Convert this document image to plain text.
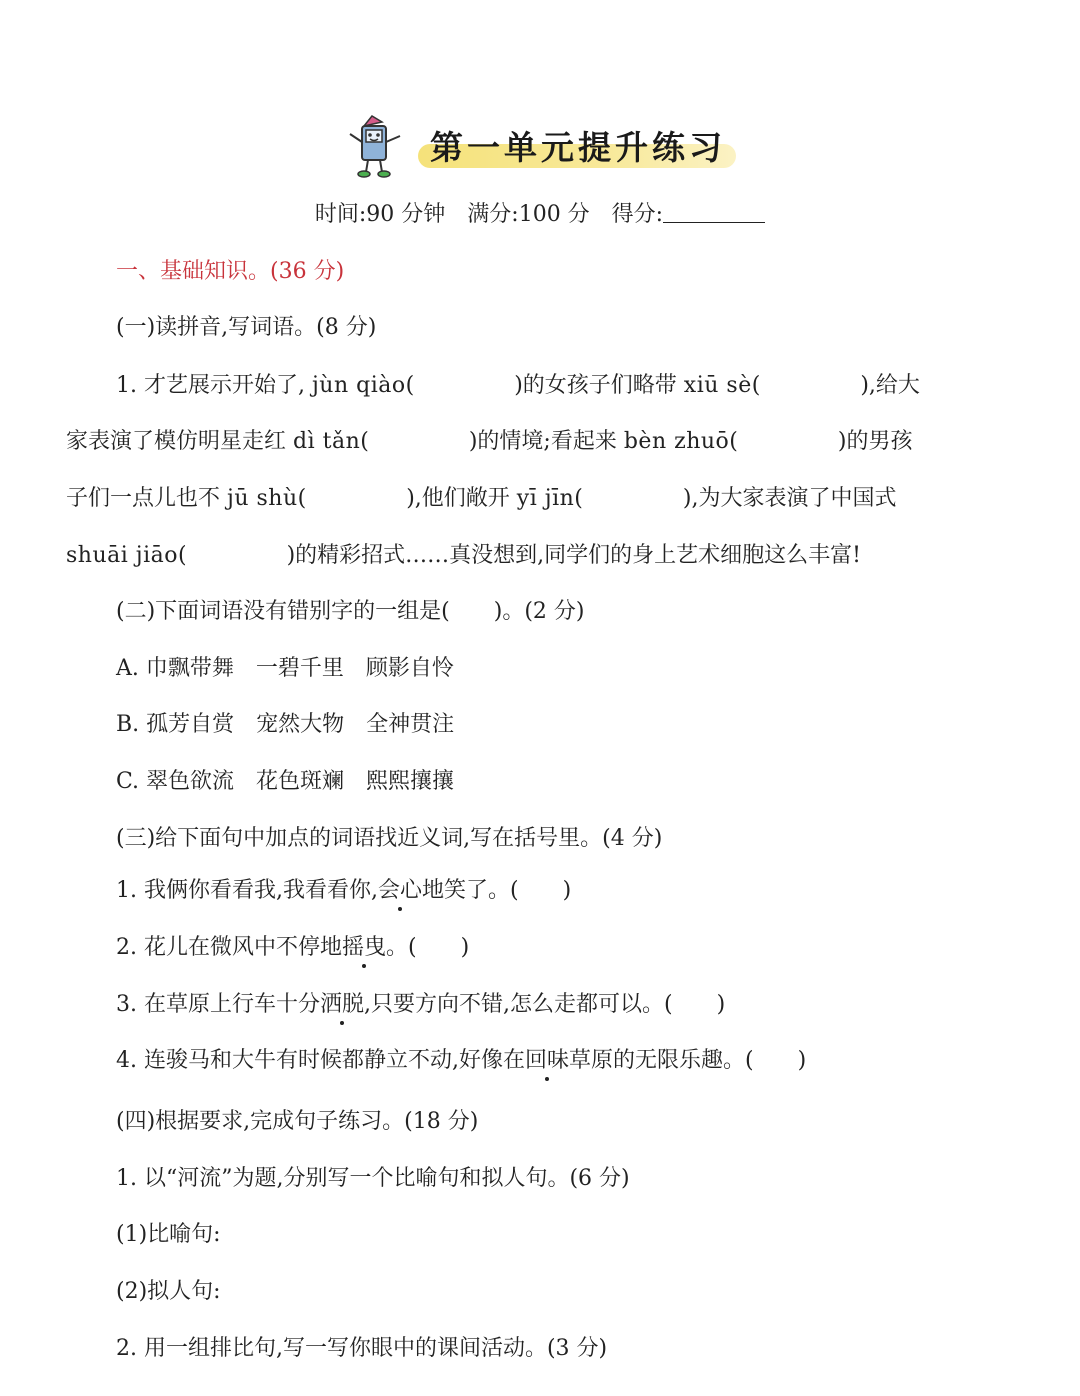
第一单元提升练习
时间:90 分钟　满分:100 分　得分:
一、基础知识。(36 分)
(一)读拼音,写词语。(8 分)
1. 才艺展示开始了, jùn qiào(	)的女孩子们略带 xiū sè(	),给大
家表演了模仿明星走红 dì tǎn(	)的情境;看起来 bèn zhuō(	)的男孩
子们一点儿也不 jū shù(	),他们敞开 yī jīn(	),为大家表演了中国式
shuāi jiāo(	)的精彩招式……真没想到,同学们的身上艺术细胞这么丰富!
(二)下面词语没有错别字的一组是(　　)。(2 分)
A. 巾飘带舞　一碧千里　顾影自怜
B. 孤芳自赏　宠然大物　全神贯注
C. 翠色欲流　花色斑斓　熙熙攘攘
(三)给下面句中加点的词语找近义词,写在括号里。(4 分)
1. 我俩你看看我,我看看你,会心地笑了。(　　)
2. 花儿在微风中不停地摇曳。(　　)
3. 在草原上行车十分洒脱,只要方向不错,怎么走都可以。(　　)
4. 连骏马和大牛有时候都静立不动,好像在回味草原的无限乐趣。(　　)
(四)根据要求,完成句子练习。(18 分)
1. 以“河流”为题,分别写一个比喻句和拟人句。(6 分)
(1)比喻句:
(2)拟人句:
2. 用一组排比句,写一写你眼中的课间活动。(3 分)
